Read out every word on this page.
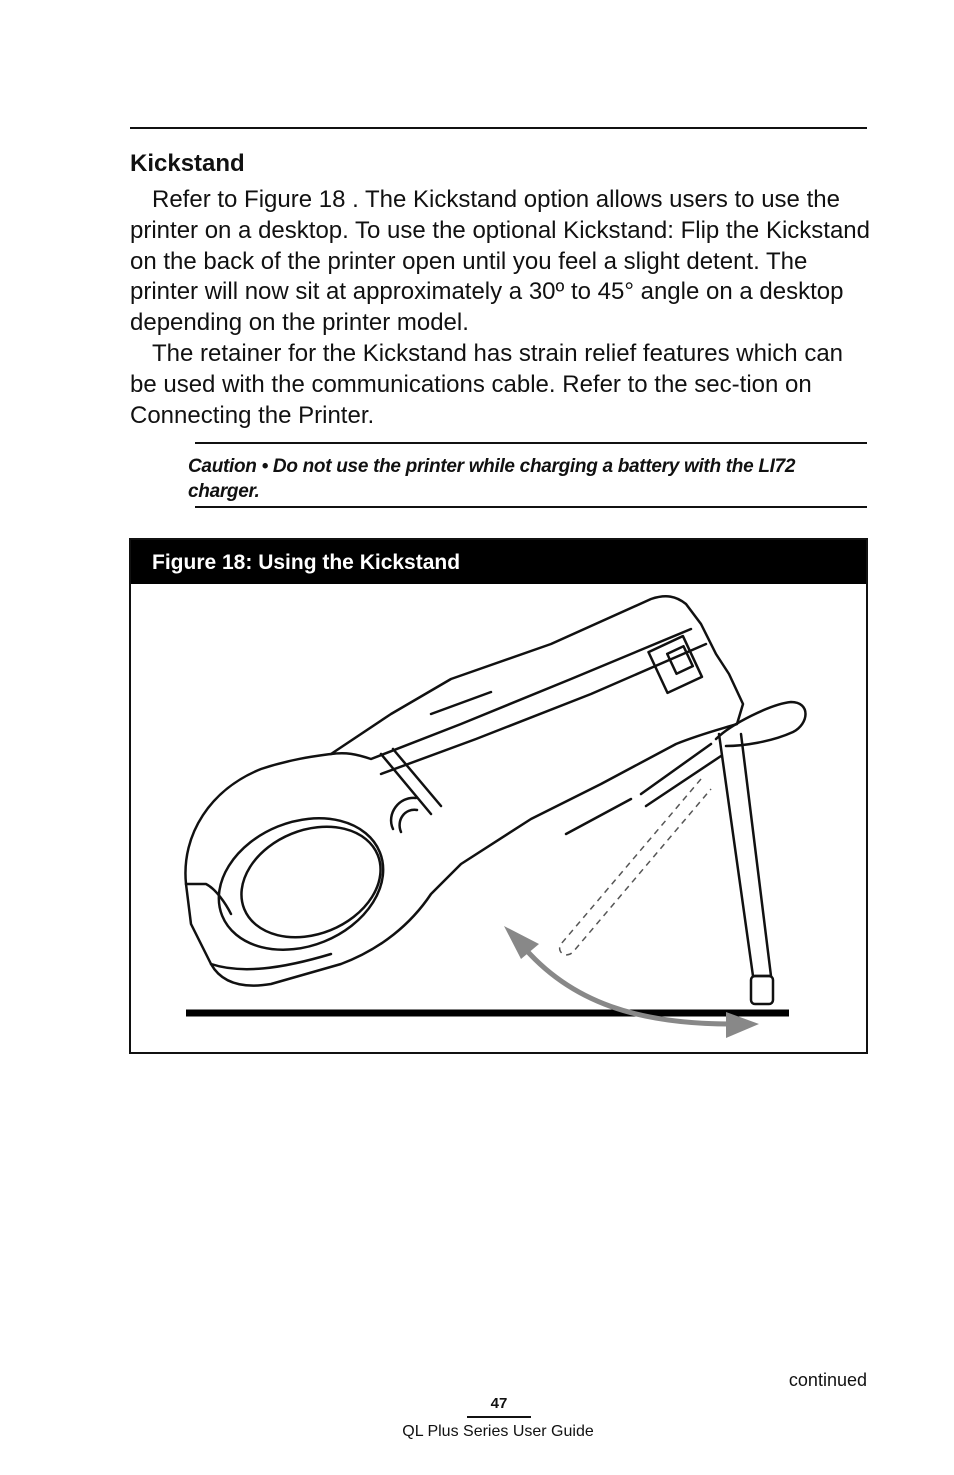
Kickstand

Refer to Figure 18 . The Kickstand option allows users to use the printer on a desktop. To use the optional Kickstand: Flip the Kickstand on the back of the printer open until you feel a slight detent. The printer will now sit at approximately a 30º to 45° angle on a desktop depending on the printer model.

The retainer for the Kickstand has strain relief features which can be used with the communications cable. Refer to the sec-tion on Connecting the Printer.

Caution • Do not use the printer while charging a battery with the LI72 charger.

Figure 18: Using the Kickstand
continued
47
QL Plus Series User Guide
